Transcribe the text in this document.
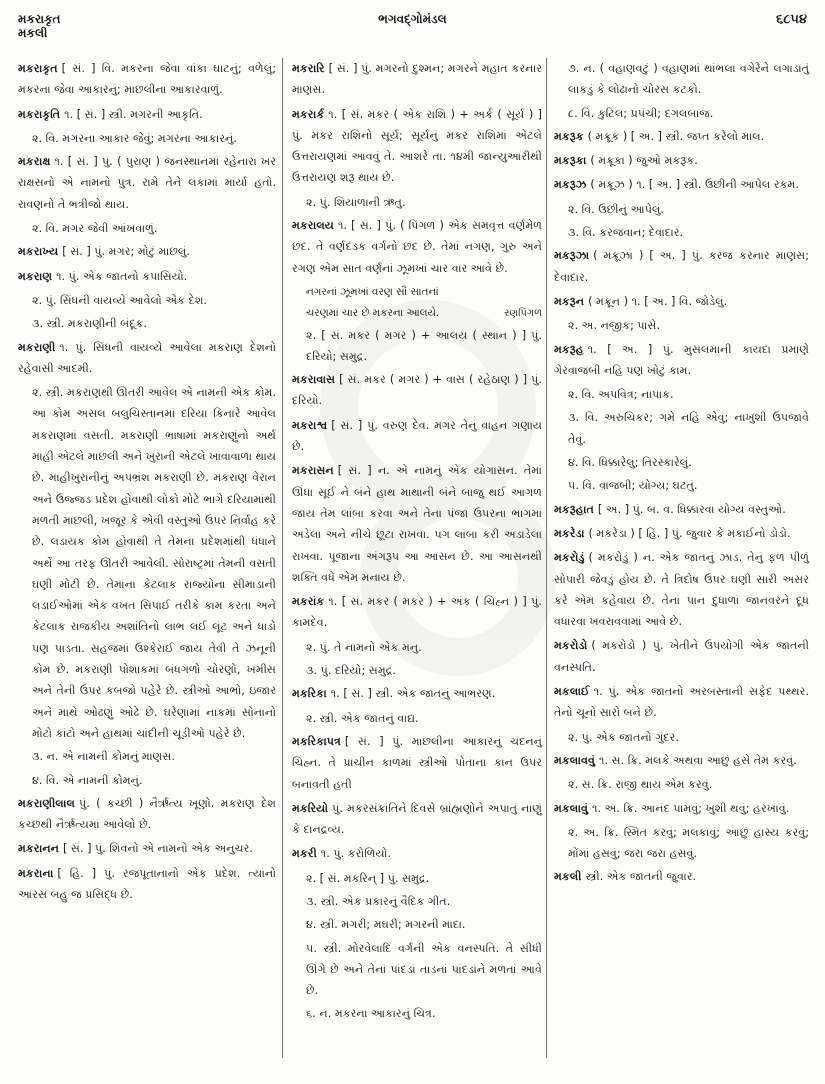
મકરાકૃત
મકલી
ભગવદ્ગોમંડલ	૬૮૫૪
મકરાકૃત [ સં. ] વિ. મકરના જેવા વાંકા ઘાટનું; વળેલું; મકરના જેવા આકારનું; માછલીના આકારવાળું.
મકરાકૃતિ ૧. [ સં. ] સ્ત્રી. મગરની આકૃતિ.
૨. વિ. મગરના આકાર જેવું; મગરના આકારનું.
મકરાક્ષ ૧. [ સં. ] પું. ( પુરાણ ) જનસ્થાનમાં રહેનારા ખર રાક્ષસનો એ નામનો પુત્ર. રામે તેને લંકામાં માર્યા હતો. રાવણનો તે ભત્રીજો થાય.
૨. વિ. મગર જેવી આંખવાળું.
મકરાખ્ય [ સં. ] પું. મગર; મોટું માછલું.
મકરાણ ૧. પું. એક જાતનો કપાસિયો.
૨. પું. સિંધની વાયવ્યે આવેલો એક દેશ.
૩. સ્ત્રી. મકરાણીની બંદૂક.
મકરાણી ૧. પું. સિંધની વાયવ્યે આવેલા મકરાણ દેશનો રહેવાસી આદમી.
૨. સ્ત્રી. મકરાણથી ઊતરી આવેલ એ નામની એક કોમ. આ કોમ અસલ બલુચિસ્તાનમાં દરિયા કિનારે આવેલ મકરાણમાં વસતી. મકરાણી ભાષામાં મકરાણુંનો અર્થ માહી એટલે માછલી અને ખુરાની એટલે ખાવાવાળા થાય છે. માહીખુરાનીનું અપભ્રંશ મકરાણી છે. મકરાણ વેરાન અને ઉજ્જડ પ્રદેશ હોવાથી લોકો મોટે ભાગે દરિયામાંથી મળતી માછલી, ખજૂર કે એવી વસ્તુઓ ઉપર નિર્વાહ કરે છે. લડાયક કોમ હોવાથી તે તેમના પ્રદેશમાંથી ધંધાને અર્થે આ તરફ ઊતરી આવેલી. સોરાષ્ટ્રમાં તેમની વસતી ઘણી મોટી છે. તેમાંના કેટલાક રાજ્યોના સીમાડાની લડાઈઓમાં એક વખત સિપાઈ તરીકે કામ કરતા અને કેટલાક રાજકીય અશાંતિનો લાભ લઈ લૂંટ અને ધાડો પણ પાડતા. સહજમાં ઉશ્કેરાઈ જાય તેવી તે ઝનૂની કોમ છે. મકરાણી પોશાકમાં બંધગળો ચોરણો, ખમીસ અને તેની ઉપર કબજો પહેરે છે. સ્ત્રીઓ આભો, ઇજાર અને માથે ઓઢણું ઓઢે છે. ઘરેણામાં નાકમાં સોનાનો મોટો કાંટો અને હાથમાં ચાંદીની ચૂડીઓ પહેરે છે.
૩. ન. એ નામની કોમનું માણસ.
૪. વિ. એ નામની કોમનું.
મકરાણીલાલ પું. ( કચ્છી ) નૈર્ઋત્ય ખૂણો. મકરાણ દેશ કચ્છથી નૈર્ઋત્યમાં આવેલો છે.
મકરાનન [ સં. ] પું. શિવનો એ નામનો એક અનુચર.
મકરાના [ હિં. ] પું. રજપૂતાનાનો એક પ્રદેશ. ત્યાંનો આરસ બહુ જ પ્રસિદ્ધ છે.
મકરારિ [ સં. ] પું. મગરનો દુશ્મન; મગરને મહાત કરનાર માણસ.
મકરાર્ક ૧. [ સં. મકર ( એક રાશિ ) + અર્ક ( સૂર્ય ) ] પું. મકર રાશિનો સૂર્ય; સૂર્યનું મકર રાશિમાં એટલે ઉત્તરાયણમાં આવવું તે. આશરે તા. ૧૪મી જાન્યુઆરીથી ઉત્તરાયણ શરૂ થાય છે.
૨. પું. શિયાળાની ઋતુ.
મકરાલય ૧. [ સં. ] પું. ( પિંગળ ) એક સમવૃત્ત વર્ણમેળ છંદ. તે વર્ણદંડક વર્ગનો છંદ છે. તેમાં નગણ, ગુરુ અને રગણ એમ સાત વર્ણનાં ઝૂમખાં ચાર વાર આવે છે.
નગરનાં ઝૂમખાં વરણ સૌ સાતનાં
ચરણમાં ચાર છે મકરના આલયે.	રણપિંગળ
૨. [ સં. મકર ( મગર ) + આલય ( સ્થાન ) ] પું. દરિયો; સમુદ્ર.
મકરાવાસ [ સં. મકર ( મગર ) + વાસ ( રહેઠાણ ) ] પું. દરિયો.
મકરાશ્વ [ સં. ] પું. વરુણ દેવ. મગર તેનું વાહન ગણાય છે.
મકરાસન [ સં. ] ન. એ નામનું એક યોગાસન. તેમાં ઊંધા સૂઈ ને બંને હાથ માથાની બંને બાજુ થઈ આગળ જાય તેમ લાંબા કરવા અને તેના પંજા ઉપરના ભાગમાં અડેલા અને નીચે છૂટા રાખવા. પગ લાંબા કરી અડાડેલા રાખવા. પૂજાના અંગરૂપ આ આસન છે. આ આસનથી શક્તિ વધે એમ મનાય છે.
મકરાંક ૧. [ સં. મકર ( મકર ) + અંક ( ચિહ્ન ) ] પું. કામદેવ.
૨. પું. તે નામનો એક મનુ.
૩. પું. દરિયો; સમુદ્ર.
મકરિકા ૧. [ સં. ] સ્ત્રી. એક જાતનું આભરણ.
૨. સ્ત્રી. એક જાતનું વાદ્ય.
મકરિકાપત્ર [ સં. ] પું. માછલીના આકારનું ચંદનનું ચિહ્ન. તે પ્રાચીન કાળમાં સ્ત્રીઓ પોતાના કાન ઉપર બનાવતી હતી
મકરિયો પું. મકરસંક્રાંતિને દિવસે બ્રાહ્મણોને અપાતું નાણું કે દાનદ્રવ્ય.
મકરી ૧. પું. કરોળિયો.
૨. [ સં. મકરિન્ ] પું. સમુદ્ર.
૩. સ્ત્રી. એક પ્રકારનું વૈદિક ગીત.
૪. સ્ત્રી. મગરી; મઘરી; મગરની માદા.
૫. સ્ત્રી. મોરવેલાદિ વર્ગની એક વનસ્પતિ. તે સીધી ઊગે છે અને તેનાં પાંદડાં તાડનાં પાંદડાંને મળતાં આવે છે.
૬. ન. મકરના આકારનું ચિત્ર.
૭. ન. ( વહાણવટું ) વહાણમાં થાંભલા વગેરેને લગાડાતું લાકડું કે લોઢાનો ચોરસ કટકો.
૮. વિ. કુટિલ; પ્રપંચી; દગલબાજ.
મકરૂક ( મક્રૂક ) [ અ. ] સ્ત્રી. જપ્ત કરેલો માલ.
મકરૂકા ( મક્રૂકા ) જુઓ મકરૂક.
મકરૂઝ ( મક્રૂઝ ) ૧. [ અ. ] સ્ત્રી. ઉછીની આપેલ રકમ.
૨. વિ. ઉછીનું આપેલું.
૩. વિ. કરજવાન; દેવાદાર.
મકરૂઝા ( મક્રૂઝા ) [ અ. ] પું. કરજ કરનાર માણસ; દેવાદાર.
મકરૂન ( મક્રૂન ) ૧. [ અ. ] વિ. જોડેલું.
૨. અ. નજીક; પાસે.
મકરૂહ ૧. [ અ. ] પું. મુસલમાની કાયદા પ્રમાણે ગેરવાજબી નહિ પણ ખોટું કામ.
૨. વિ. અપવિત્ર; નાપાક.
૩. વિ. અરુચિકર; ગમે નહિ એવું; નાખુશી ઉપજાવે તેવું.
૪. વિ. ધિક્કારેલું; તિરસ્કારેલું.
૫. વિ. વાજબી; યોગ્ય; ઘટતું.
મકરૂહાત [ અ. ] પું. બ. વ. ધિક્કારવા યોગ્ય વસ્તુઓ.
મકરેડા ( મકરેડા ) [ હિં. ] પું. જુવાર કે મકાઈનો ડોડો.
મકરોડું ( મકરોડું ) ન. એક જાતનું ઝાડ. તેનું ફળ પીળું સોપારી જેવડું હોય છે. તે ત્રિદોષ ઉપર ઘણી સારી અસર કરે એમ કહેવાય છે. તેનાં પાન દુધાળાં જાનવરને દૂધ વધારવા ખવરાવવામાં આવે છે.
મકરોડો ( મકરોડો ) પું. ખેતીને ઉપયોગી એક જાતની વનસ્પતિ.
મકલાઈ ૧. પું. એક જાતનો અરબસ્તાની સફેદ પથ્થર. તેનો ચૂનો સારો બને છે.
૨. પું. એક જાતનો ગુંદર.
મકલાવવું ૧. સ. ક્રિ. મલકે અથવા આછું હસે તેમ કરવું.
૨. સ. ક્રિ. રાજી થાય એમ કરવું.
મકલાવું ૧. અ. ક્રિ. આનંદ પામવું; ખુશી થવું; હરખાવું.
૨. અ. ક્રિ. સ્મિત કરવું; મલકાવું; આછું હાસ્ય કરવું; મોંમાં હસવું; જરા જરા હસવું.
મકલી સ્ત્રી. એક જાતની જુવાર.
